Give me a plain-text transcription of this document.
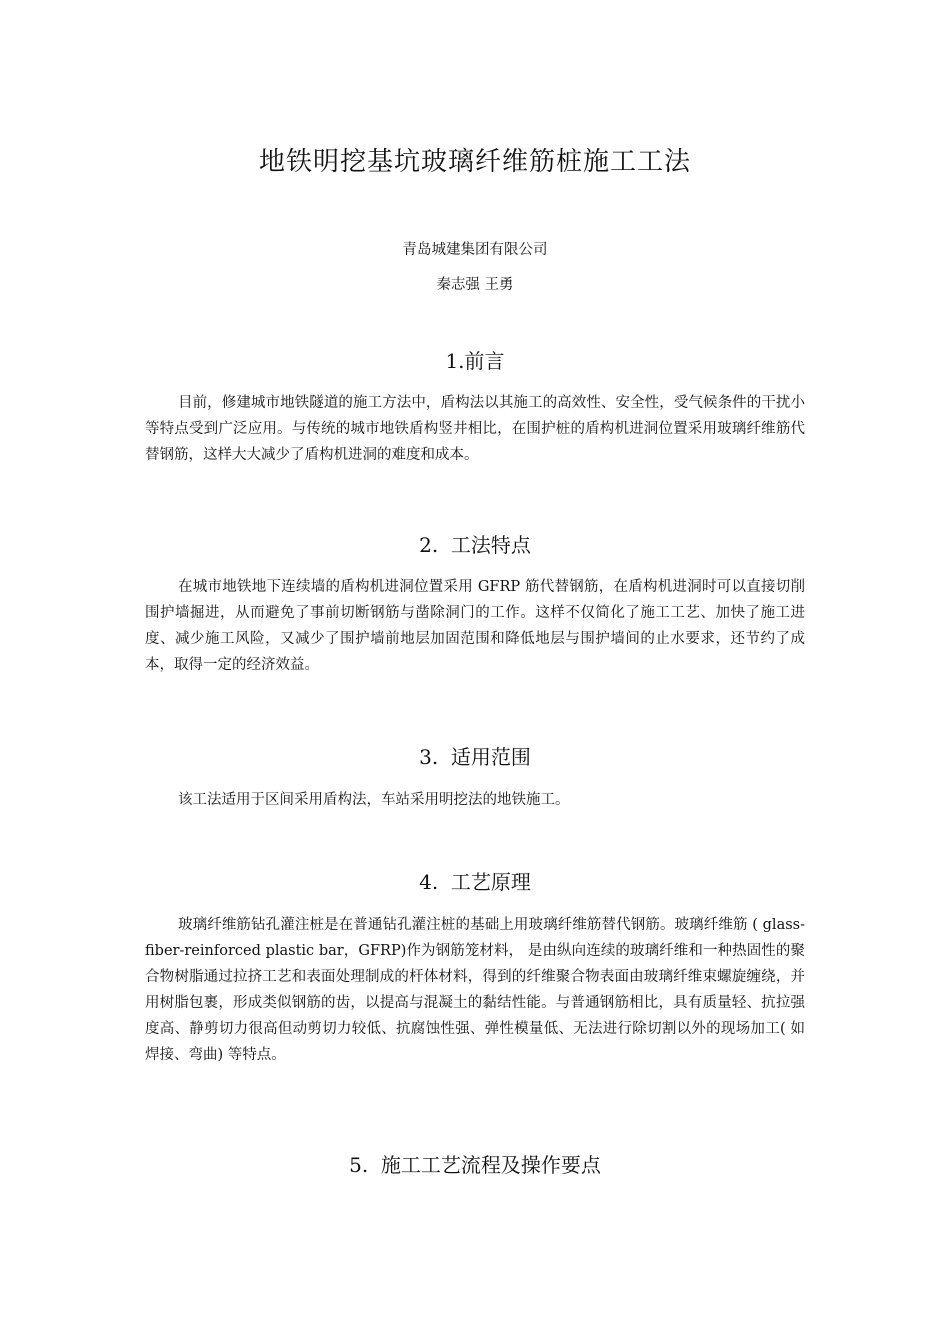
地铁明挖基坑玻璃纤维筋桩施工工法
青岛城建集团有限公司
秦志强 王勇
1.前言
目前，修建城市地铁隧道的施工方法中，盾构法以其施工的高效性、安全性，受气候条件的干扰小等特点受到广泛应用。与传统的城市地铁盾构竖井相比，在围护桩的盾构机进洞位置采用玻璃纤维筋代替钢筋，这样大大减少了盾构机进洞的难度和成本。
2.  工法特点
在城市地铁地下连续墙的盾构机进洞位置采用 GFRP 筋代替钢筋，在盾构机进洞时可以直接切削围护墙掘进，从而避免了事前切断钢筋与凿除洞门的工作。这样不仅简化了施工工艺、加快了施工进度、减少施工风险，又减少了围护墙前地层加固范围和降低地层与围护墙间的止水要求，还节约了成本，取得一定的经济效益。
3.  适用范围
该工法适用于区间采用盾构法，车站采用明挖法的地铁施工。
4.  工艺原理
玻璃纤维筋钻孔灌注桩是在普通钻孔灌注桩的基础上用玻璃纤维筋替代钢筋。玻璃纤维筋 ( glass-fiber-reinforced plastic bar，GFRP)作为钢筋笼材料， 是由纵向连续的玻璃纤维和一种热固性的聚合物树脂通过拉挤工艺和表面处理制成的杆体材料，得到的纤维聚合物表面由玻璃纤维束螺旋缠绕，并用树脂包裹，形成类似钢筋的齿，以提高与混凝土的黏结性能。与普通钢筋相比，具有质量轻、抗拉强度高、静剪切力很高但动剪切力较低、抗腐蚀性强、弹性模量低、无法进行除切割以外的现场加工( 如焊接、弯曲) 等特点。
5.  施工工艺流程及操作要点
